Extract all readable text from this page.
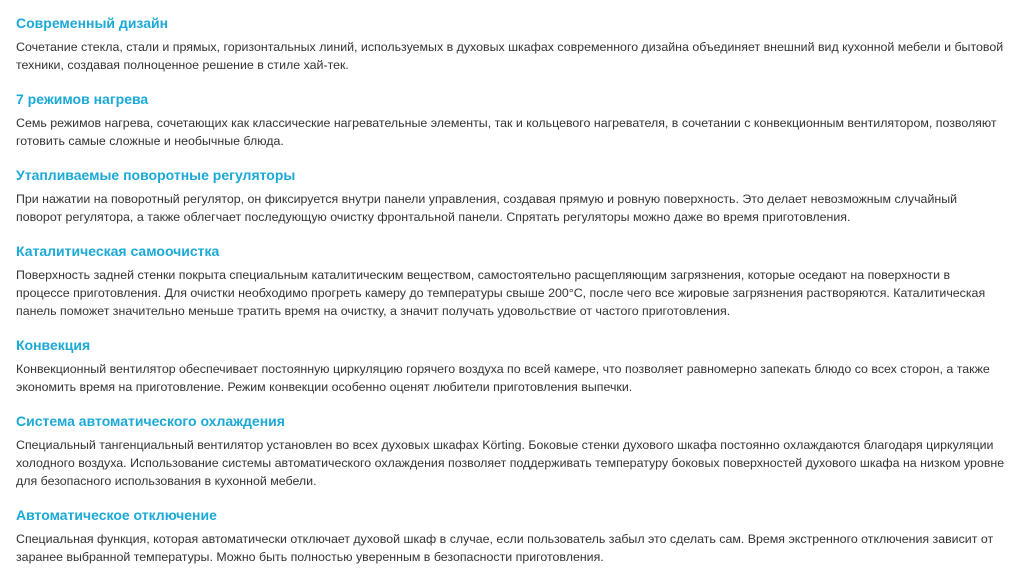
Современный дизайн

Сочетание стекла, стали и прямых, горизонтальных линий, используемых в духовых шкафах современного дизайна объединяет внешний вид кухонной мебели и бытовой техники, создавая полноценное решение в стиле хай-тек.

7 режимов нагрева

Семь режимов нагрева, сочетающих как классические нагревательные элементы, так и кольцевого нагревателя, в сочетании с конвекционным вентилятором, позволяют готовить самые сложные и необычные блюда.

Утапливаемые поворотные регуляторы

При нажатии на поворотный регулятор, он фиксируется внутри панели управления, создавая прямую и ровную поверхность. Это делает невозможным случайный поворот регулятора, а также облегчает последующую очистку фронтальной панели. Спрятать регуляторы можно даже во время приготовления.

Каталитическая самоочистка

Поверхность задней стенки покрыта специальным каталитическим веществом, самостоятельно расщепляющим загрязнения, которые оседают на поверхности в процессе приготовления. Для очистки необходимо прогреть камеру до температуры свыше 200°C, после чего все жировые загрязнения растворяются. Каталитическая панель поможет значительно меньше тратить время на очистку, а значит получать удовольствие от частого приготовления.

Конвекция

Конвекционный вентилятор обеспечивает постоянную циркуляцию горячего воздуха по всей камере, что позволяет равномерно запекать блюдо со всех сторон, а также экономить время на приготовление. Режим конвекции особенно оценят любители приготовления выпечки.

Система автоматического охлаждения

Специальный тангенциальный вентилятор установлен во всех духовых шкафах Körting. Боковые стенки духового шкафа постоянно охлаждаются благодаря циркуляции холодного воздуха. Использование системы автоматического охлаждения позволяет поддерживать температуру боковых поверхностей духового шкафа на низком уровне для безопасного использования в кухонной мебели.

Автоматическое отключение

Специальная функция, которая автоматически отключает духовой шкаф в случае, если пользователь забыл это сделать сам. Время экстренного отключения зависит от заранее выбранной температуры. Можно быть полностью уверенным в безопасности приготовления.
